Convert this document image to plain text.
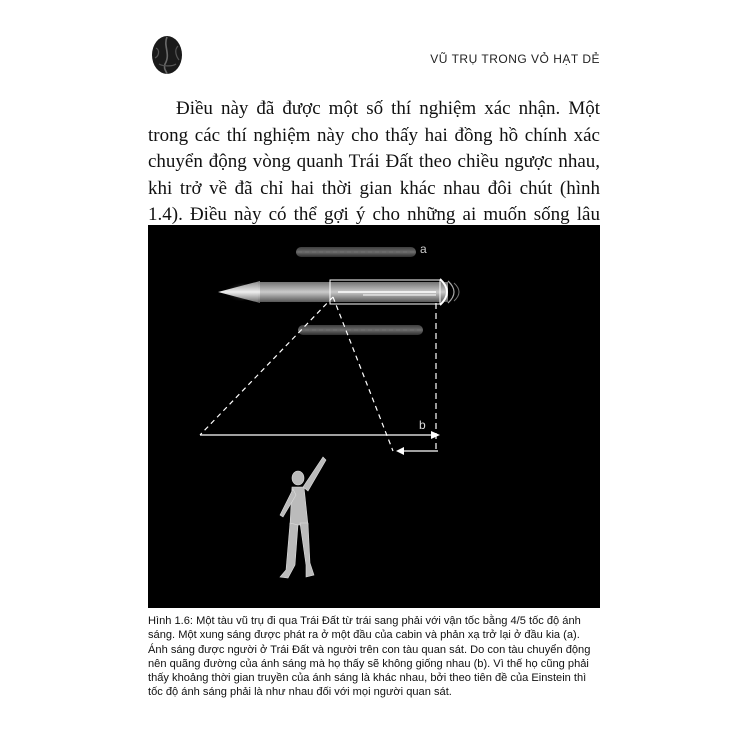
VŨ TRỤ TRONG VỎ HẠT DẺ

Điều này đã được một số thí nghiệm xác nhận. Một trong các thí nghiệm này cho thấy hai đồng hồ chính xác chuyển động vòng quanh Trái Đất theo chiều ngược nhau, khi trở về đã chỉ hai thời gian khác nhau đôi chút (hình 1.4). Điều này có thể gợi ý cho những ai muốn sống lâu

a
b

Hình 1.6: Một tàu vũ trụ đi qua Trái Đất từ trái sang phải với vận tốc bằng 4/5 tốc độ ánh sáng. Một xung sáng được phát ra ở một đầu của cabin và phản xạ trở lại ở đầu kia (a). Ánh sáng được người ở Trái Đất và người trên con tàu quan sát. Do con tàu chuyển động nên quãng đường của ánh sáng mà họ thấy sẽ không giống nhau (b). Vì thế họ cũng phải thấy khoảng thời gian truyền của ánh sáng là khác nhau, bởi theo tiên đề của Einstein thì tốc độ ánh sáng phải là như nhau đối với mọi người quan sát.
